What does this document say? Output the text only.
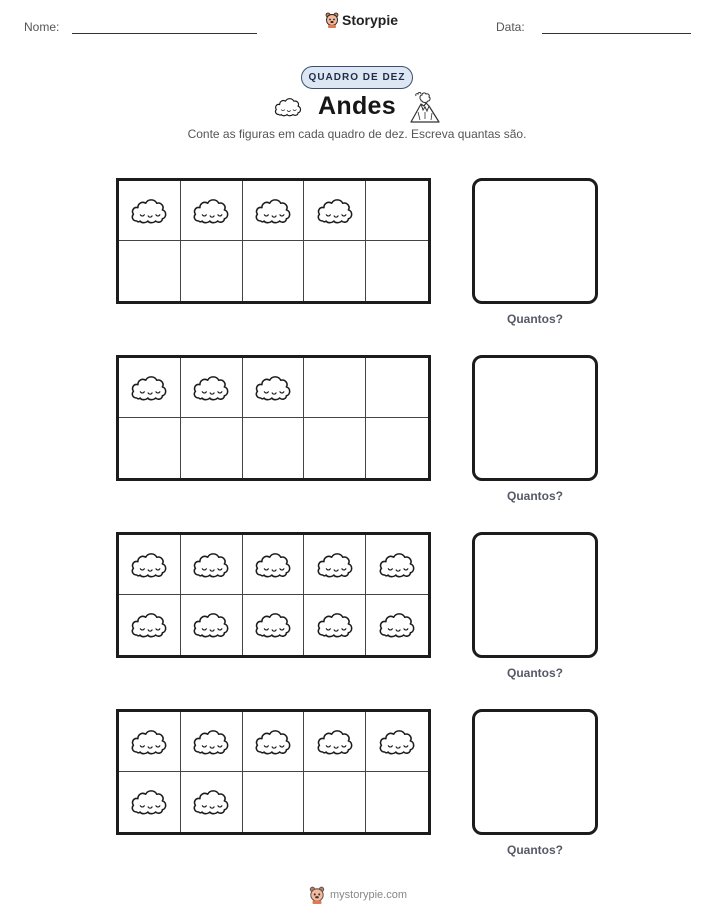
Nome:	Storypie	Data:
QUADRO DE DEZ
Andes
Conte as figuras em cada quadro de dez. Escreva quantas são.
Quantos?
Quantos?
Quantos?
Quantos?
mystorypie.com
